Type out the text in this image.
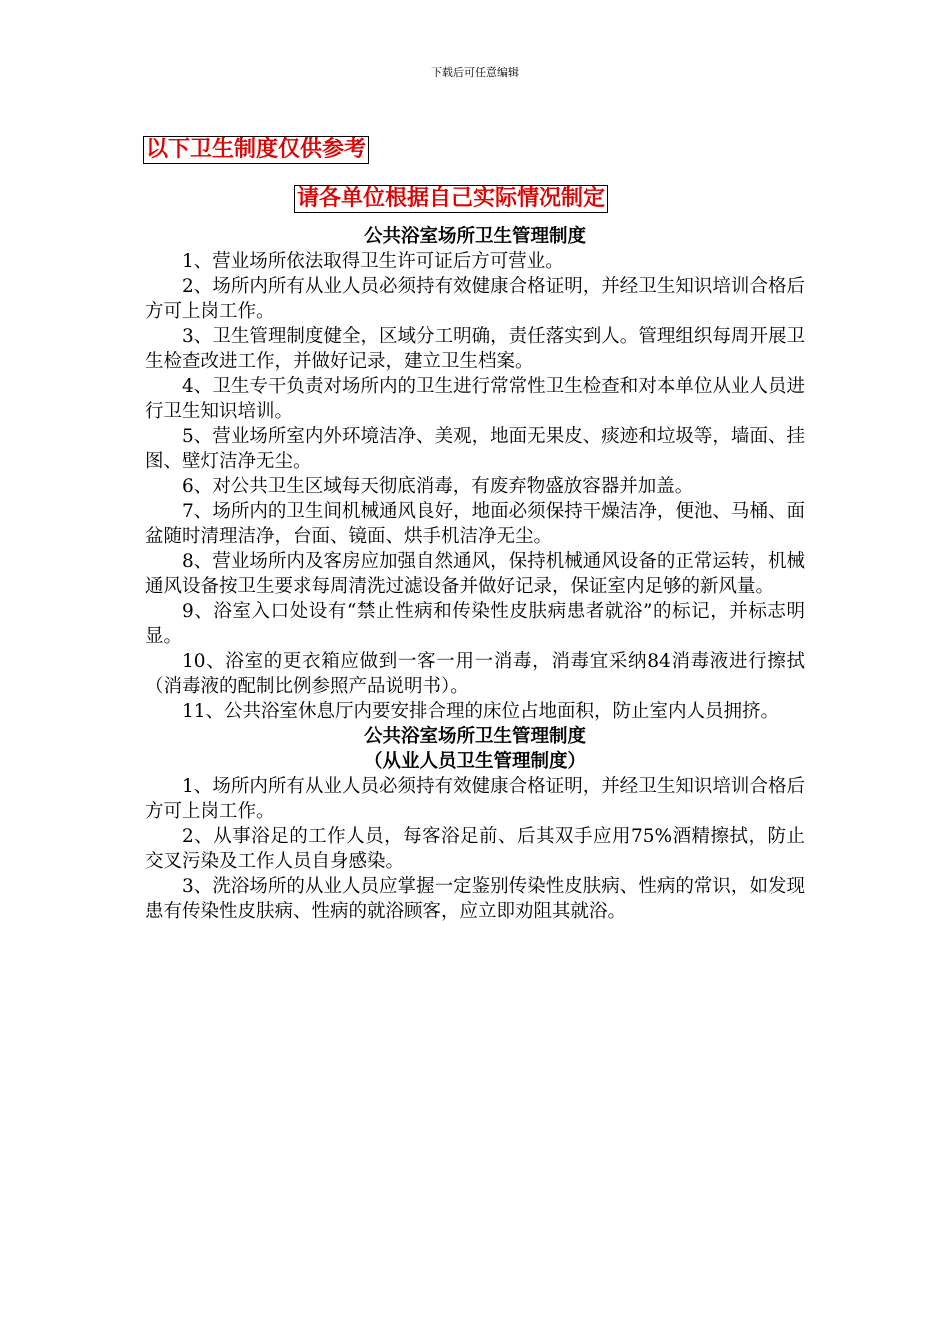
下载后可任意编辑
以下卫生制度仅供参考
请各单位根据自己实际情况制定

公共浴室场所卫生管理制度

1、营业场所依法取得卫生许可证后方可营业。

2、场所内所有从业人员必须持有效健康合格证明，并经卫生知识培训合格后方可上岗工作。

3、卫生管理制度健全，区域分工明确，责任落实到人。管理组织每周开展卫生检查改进工作，并做好记录，建立卫生档案。

4、卫生专干负责对场所内的卫生进行常常性卫生检查和对本单位从业人员进行卫生知识培训。

5、营业场所室内外环境洁净、美观，地面无果皮、痰迹和垃圾等，墙面、挂图、壁灯洁净无尘。

6、对公共卫生区域每天彻底消毒，有废弃物盛放容器并加盖。

7、场所内的卫生间机械通风良好，地面必须保持干燥洁净，便池、马桶、面盆随时清理洁净，台面、镜面、烘手机洁净无尘。

8、营业场所内及客房应加强自然通风，保持机械通风设备的正常运转，机械通风设备按卫生要求每周清洗过滤设备并做好记录，保证室内足够的新风量。

9、浴室入口处设有“禁止性病和传染性皮肤病患者就浴”的标记，并标志明显。

10、浴室的更衣箱应做到一客一用一消毒，消毒宜采纳84消毒液进行擦拭（消毒液的配制比例参照产品说明书）。

11、公共浴室休息厅内要安排合理的床位占地面积，防止室内人员拥挤。

公共浴室场所卫生管理制度

（从业人员卫生管理制度）

1、场所内所有从业人员必须持有效健康合格证明，并经卫生知识培训合格后方可上岗工作。

2、从事浴足的工作人员，每客浴足前、后其双手应用75%酒精擦拭，防止交叉污染及工作人员自身感染。

3、洗浴场所的从业人员应掌握一定鉴别传染性皮肤病、性病的常识，如发现患有传染性皮肤病、性病的就浴顾客，应立即劝阻其就浴。
